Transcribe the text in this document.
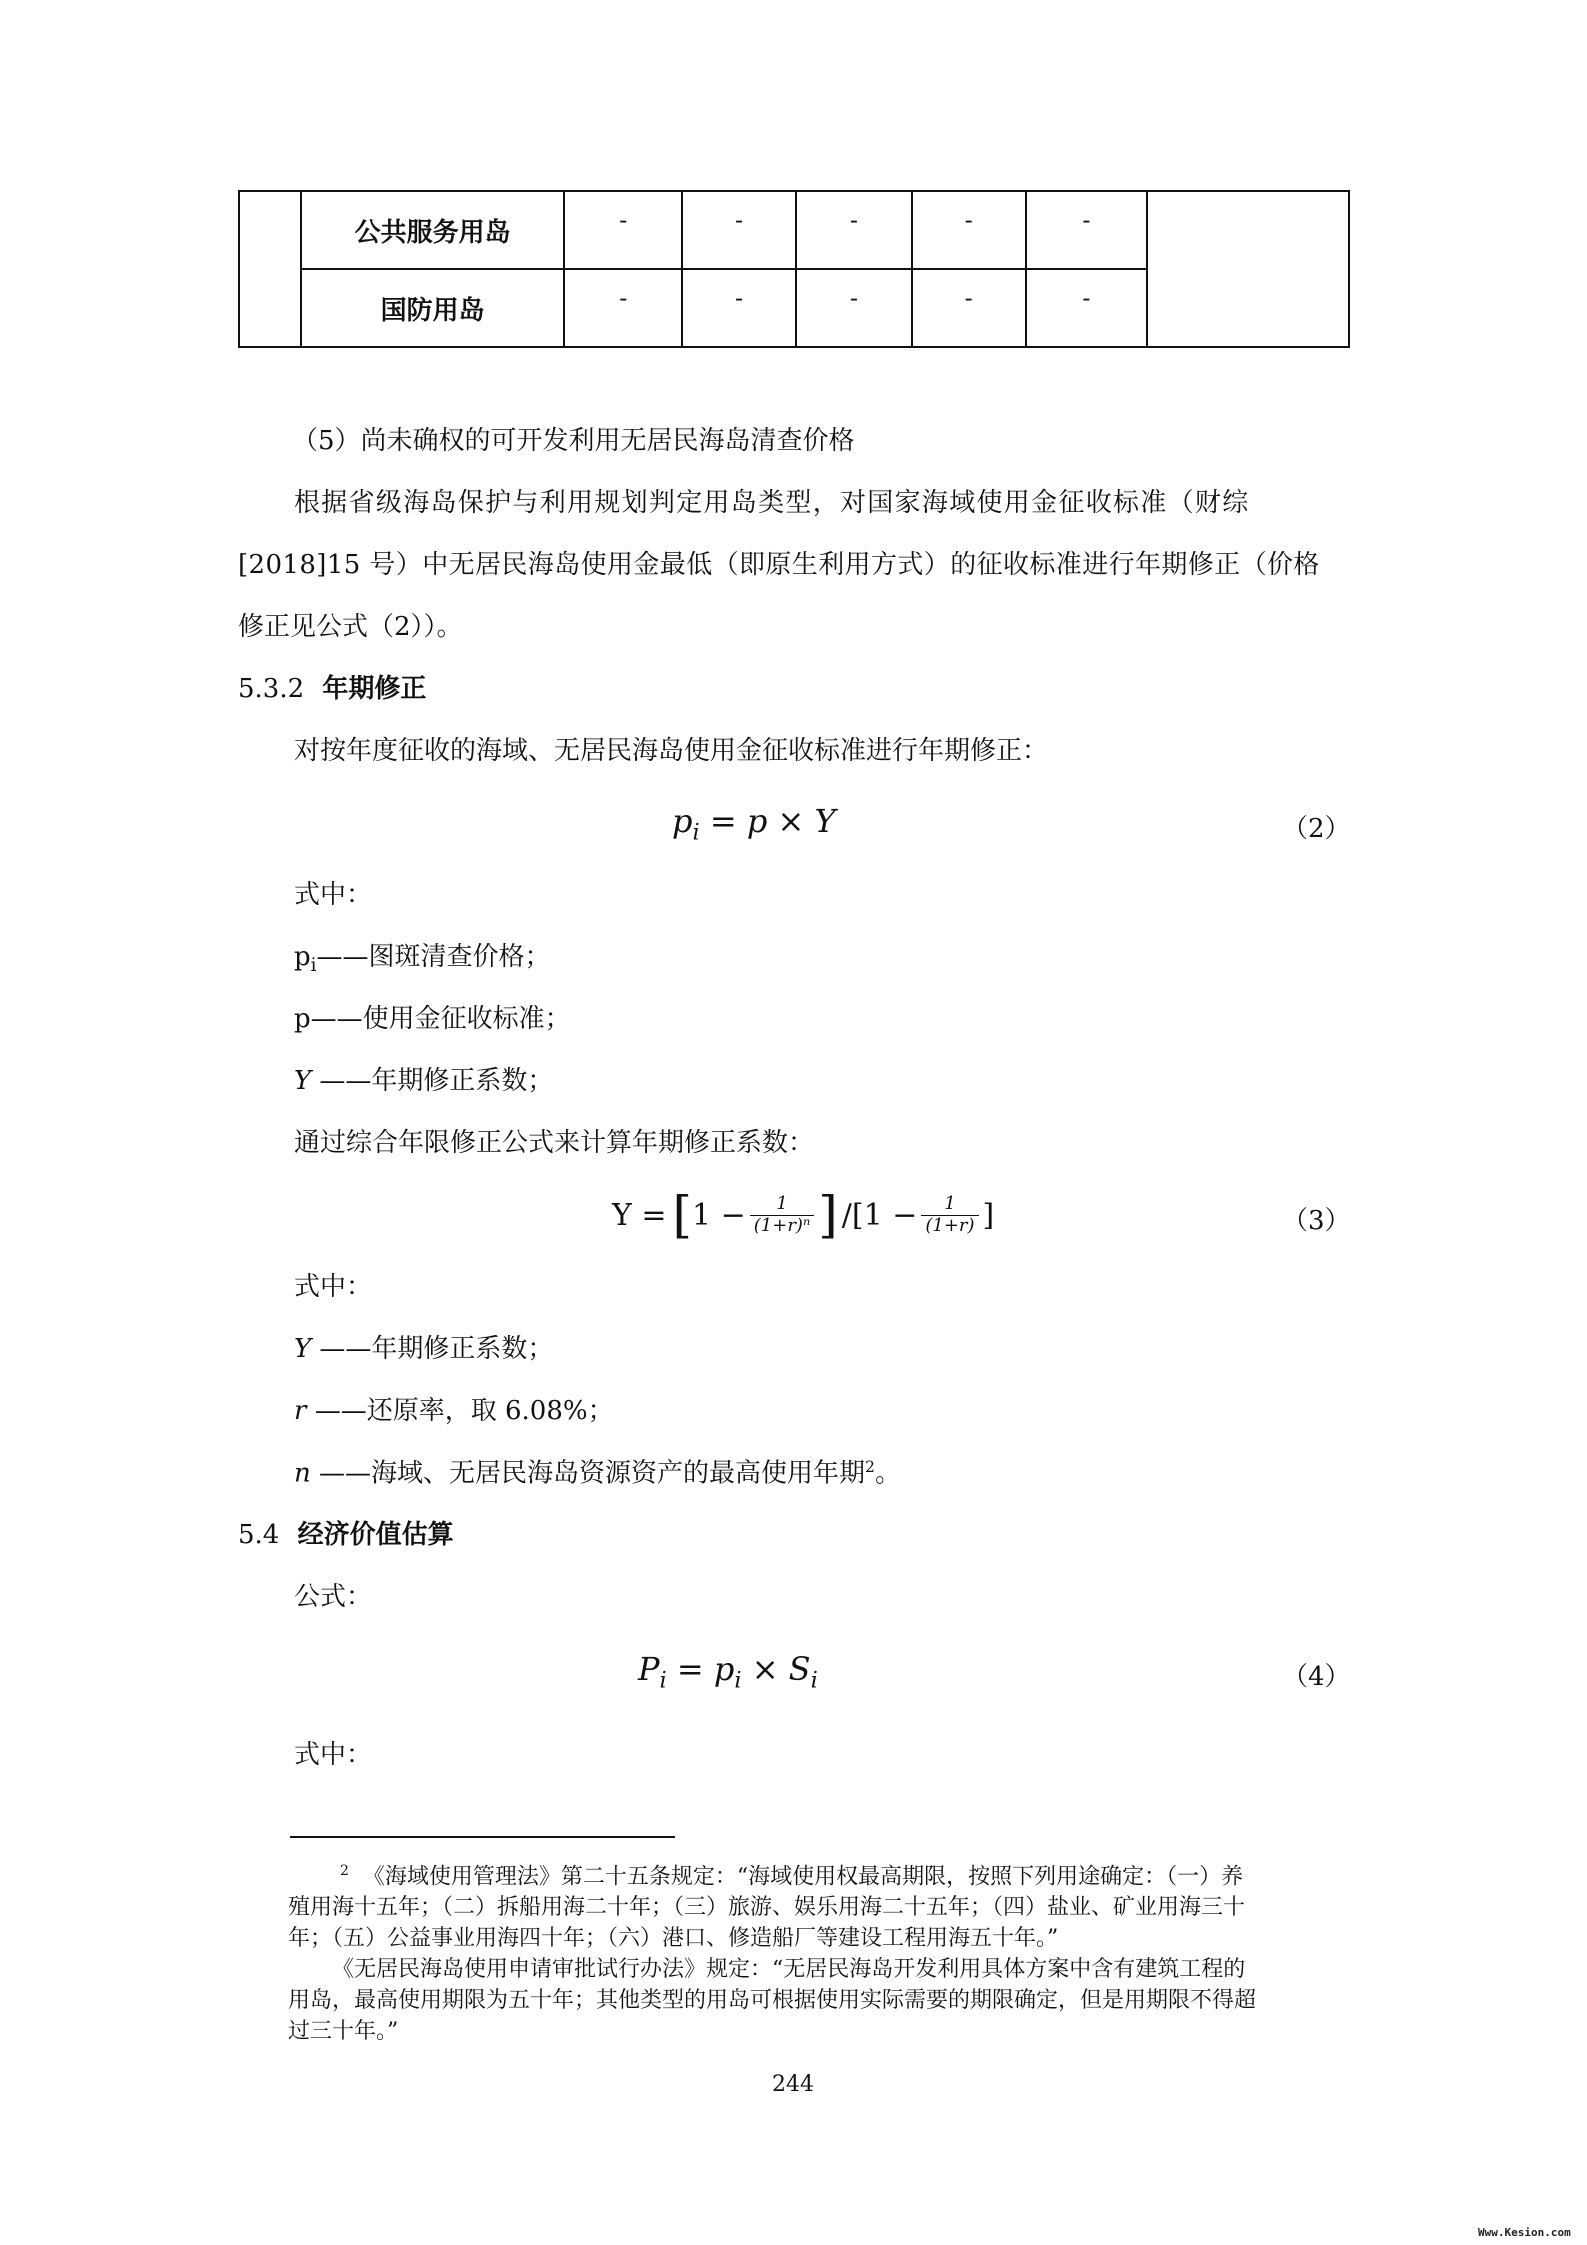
	公共服务用岛	-	-	-	-	-	
	国防用岛	-	-	-	-	-	
（5）尚未确权的可开发利用无居民海岛清查价格
根据省级海岛保护与利用规划判定用岛类型，对国家海域使用金征收标准（财综
[2018]15 号）中无居民海岛使用金最低（即原生利用方式）的征收标准进行年期修正（价格
修正见公式（2））。
5.3.2 年期修正
对按年度征收的海域、无居民海岛使用金征收标准进行年期修正：
$p_i = p \times Y$	（2）
式中：
$p_i——$图斑清查价格；
p——使用金征收标准；
Y ——年期修正系数；
通过综合年限修正公式来计算年期修正系数：
Y = [ $1 - \frac{1}{\text{(1+r)ⁿ}}$ ] $/[1 - \frac{1}{(1+r)}$ ]	（3）
式中：
Y ——年期修正系数；
r ——还原率，取 6.08%；
n ——海域、无居民海岛资源资产的最高使用年期$^2$。
5.4 经济价值估算
公式：
$P_i = p_i \times S_i$	（4）
式中：
$^2$ 《海域使用管理法》第二十五条规定：“海域使用权最高期限，按照下列用途确定：（一）养
殖用海十五年；（二）拆船用海二十年；（三）旅游、娱乐用海二十五年；（四）盐业、矿业用海三十
年；（五）公益事业用海四十年；（六）港口、修造船厂等建设工程用海五十年。”
《无居民海岛使用申请审批试行办法》规定：“无居民海岛开发利用具体方案中含有建筑工程的
用岛，最高使用期限为五十年；其他类型的用岛可根据使用实际需要的期限确定，但是用期限不得超
过三十年。”
244
Www.Kesion.com
